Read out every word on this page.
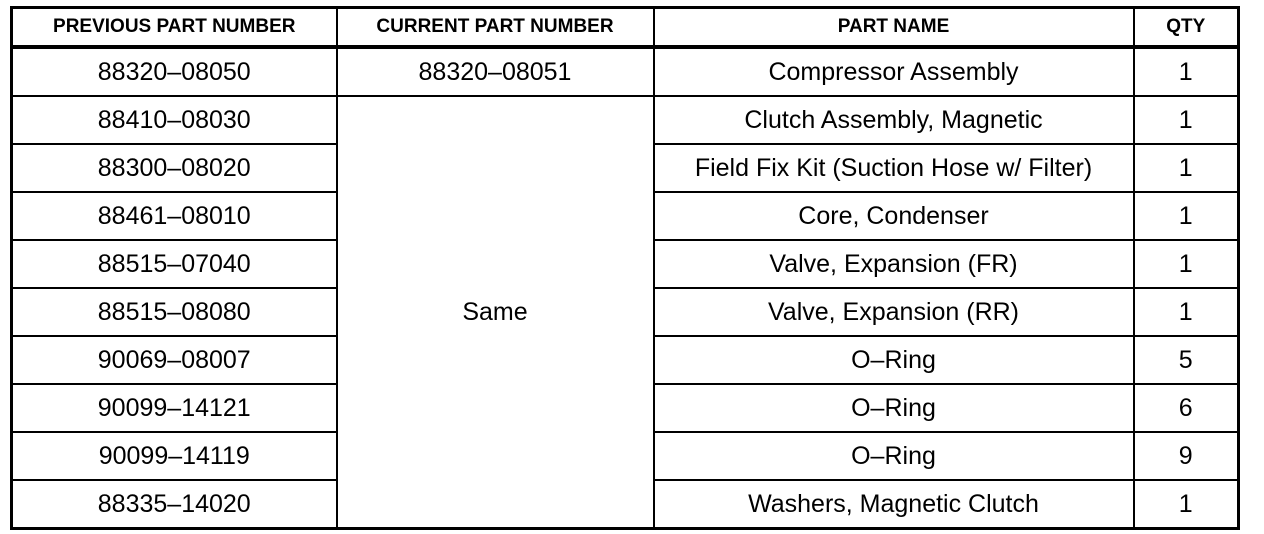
PREVIOUS PART NUMBER	CURRENT PART NUMBER	PART NAME	QTY
88320–08050	88320–08051	Compressor Assembly	1
88410–08030	Same	Clutch Assembly, Magnetic	1
88300–08020		Field Fix Kit (Suction Hose w/ Filter)	1
88461–08010		Core, Condenser	1
88515–07040		Valve, Expansion (FR)	1
88515–08080		Valve, Expansion (RR)	1
90069–08007		O–Ring	5
90099–14121		O–Ring	6
90099–14119		O–Ring	9
88335–14020		Washers, Magnetic Clutch	1
